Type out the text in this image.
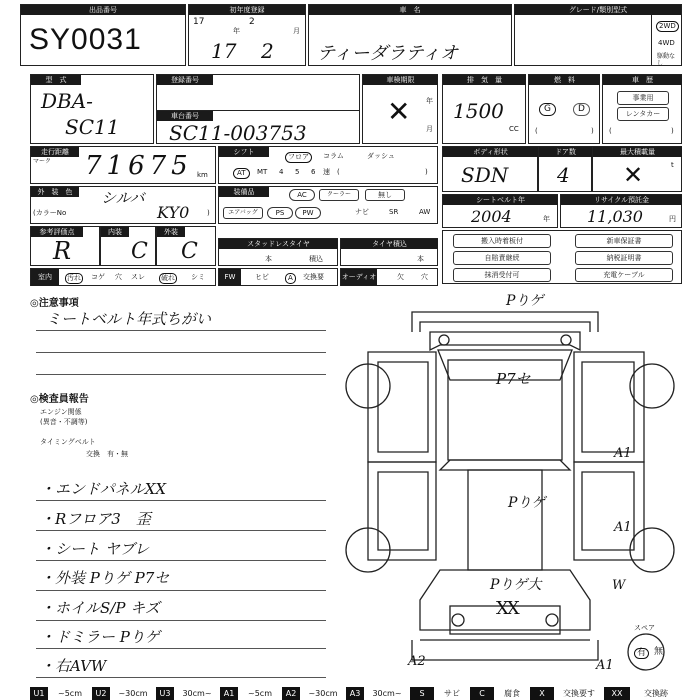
出品番号
SY0031
初年度登録
17
年
2
月
17 2
車　名
ティーダラティオ
グレード/類別型式
2WD
4WD
駆動なし
型　式
DBA-
SC11
登録番号
車台番号
SC11-003753
車検期限
年
月
✕
排　気　量
1500
CC
燃　料
G	D
(	)
車　歴
事業用
レンタカー
(	)
走行距離
マーク 71675 km
シフト
フロア	コラム	ダッシュ
AT	MT 4 5 6 速 (	)
ボディ形状
SDN
ドア数
4
最大積載量
✕	t
外　装　色	シルバ
(カラーNo	KY0	)
装備品	AC	クーラー	無し
エアバッグ	PS	PW	ナビ	SR	AW
シートベルト年
2004	年
リサイクル預託金
11,030	円
参考評価点
R
内装
C
外装
C	スタッドレスタイヤ
本	積込
タイヤ積込
本
搬入時着板付	新車保証書
自賠責継続	納税証明書
抹消受付可	充電ケーブル
室内	汚れ コゲ 穴 スレ 破れ シミ	FW	ヒビ	A	交換要	オーディオ	欠 穴
◎注意事項
ミートベルト年式ちがい
◎検査員報告
エンジン関係
(異音・不調等)
タイミングベルト
交換　有・無
・エンドパネルXX
・Rフロア3　歪
・シート ヤブレ
・外装 Pりゲ P7セ
・ホイルS/P キズ
・ドミラー Pりゲ
・右AVW
Pりゲ
P7セ
A1
A1
W
Pりゲ
Pりゲ大
XX
A2	A1
スペア
有 無
U1	~5cm	U2	~30cm	U3	30cm~	A1	~5cm	A2	~30cm	A3	30cm~	S	サビ	C	腐食	X	交換要す	XX	交換跡
